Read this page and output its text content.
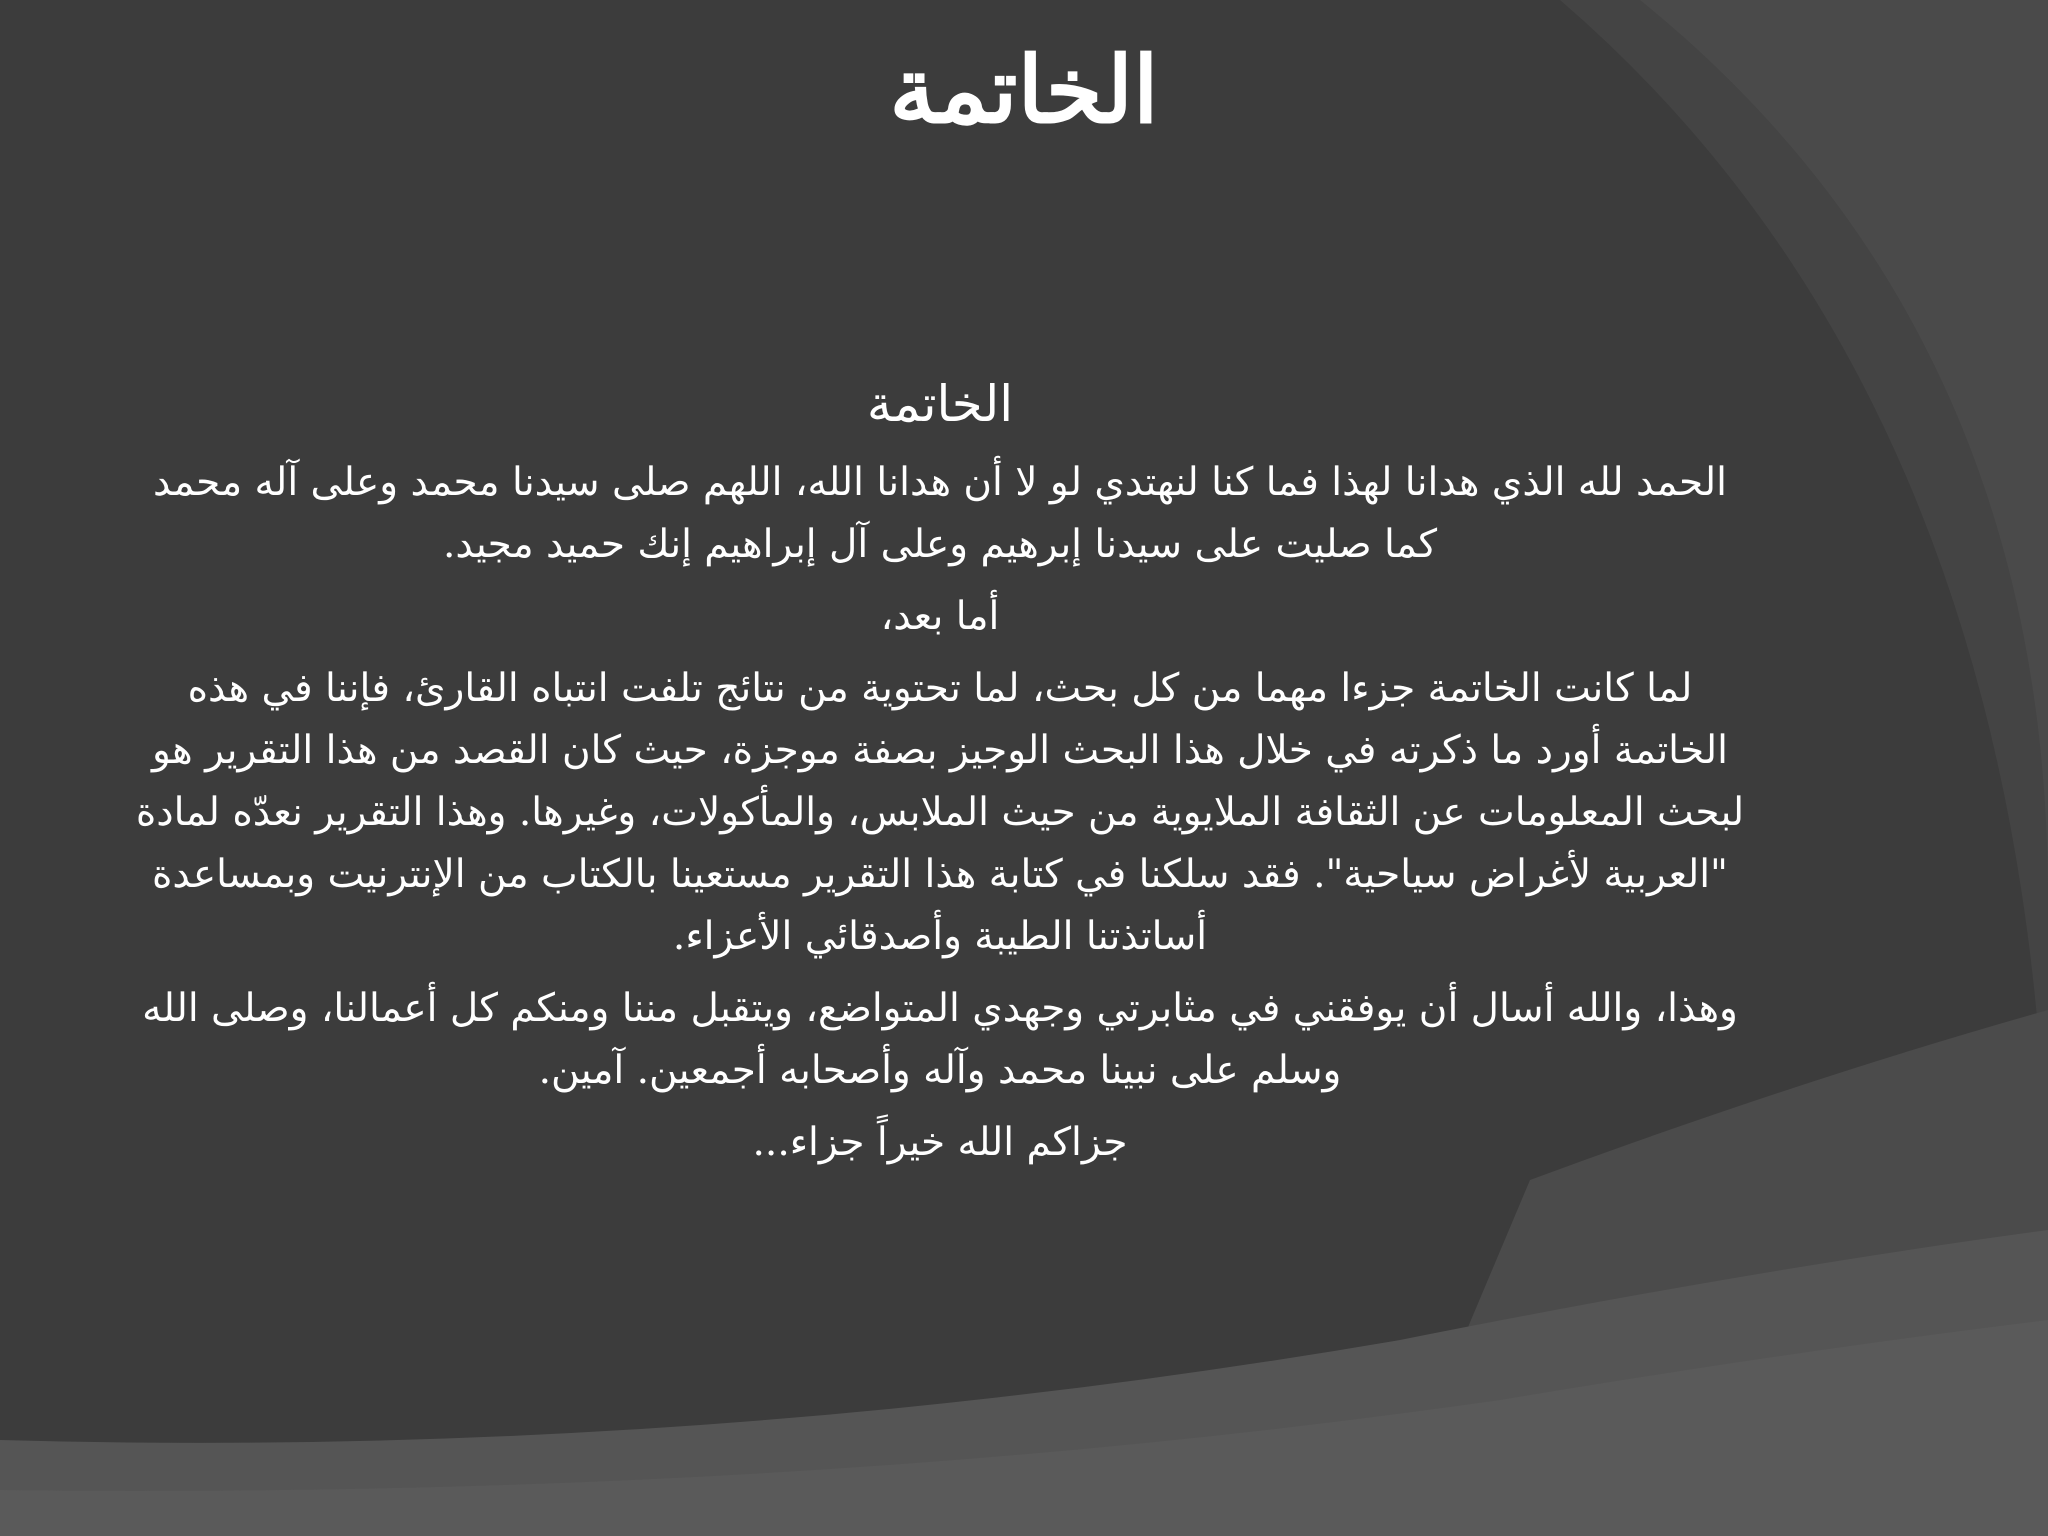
الخاتمة

الخاتمة

الحمد لله الذي هدانا لهذا فما كنا لنهتدي لو لا أن هدانا الله، اللهم صلى سيدنا محمد وعلى آله محمد كما صليت على سيدنا إبرهيم وعلى آل إبراهيم إنك حميد مجيد.

أما بعد،

لما كانت الخاتمة جزءا مهما من كل بحث، لما تحتوية من نتائج تلفت انتباه القارئ، فإننا في هذه الخاتمة أورد ما ذكرته في خلال هذا البحث الوجيز بصفة موجزة، حيث كان القصد من هذا التقرير هو لبحث المعلومات عن الثقافة الملايوية من حيث الملابس، والمأكولات، وغيرها. وهذا التقرير نعدّه لمادة "العربية لأغراض سياحية". فقد سلكنا في كتابة هذا التقرير مستعينا بالكتاب من الإنترنيت وبمساعدة أساتذتنا الطيبة وأصدقائي الأعزاء.

وهذا، والله أسال أن يوفقني في مثابرتي وجهدي المتواضع، ويتقبل مننا ومنكم كل أعمالنا، وصلى الله وسلم على نبينا محمد وآله وأصحابه أجمعين. آمين.

جزاكم الله خيراً جزاء...
